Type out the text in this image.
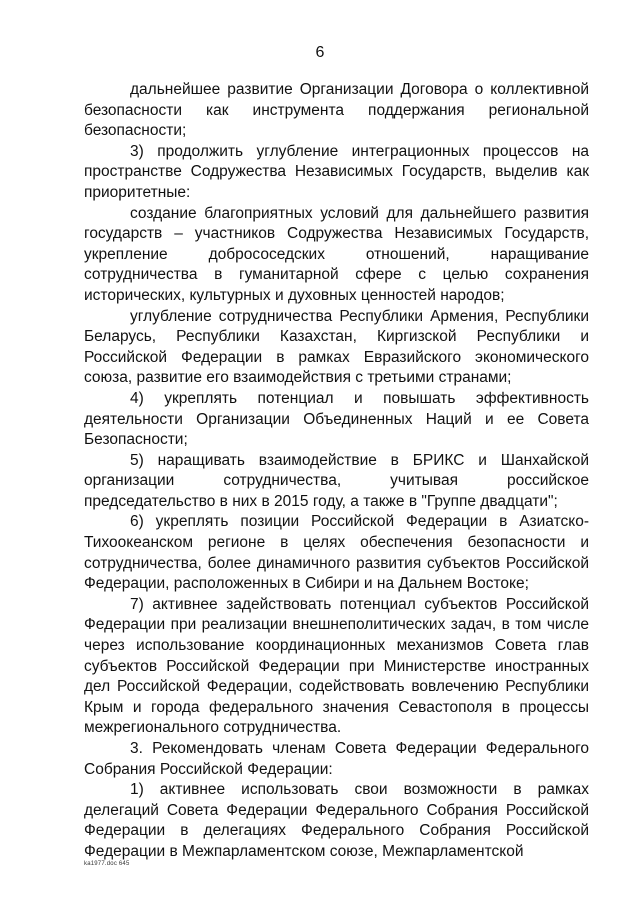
6

дальнейшее развитие Организации Договора о коллективной безопасности как инструмента поддержания региональной безопасности;

3) продолжить углубление интеграционных процессов на пространстве Содружества Независимых Государств, выделив как приоритетные:

создание благоприятных условий для дальнейшего развития государств – участников Содружества Независимых Государств, укрепление добрососедских отношений, наращивание сотрудничества в гуманитарной сфере с целью сохранения исторических, культурных и духовных ценностей народов;

углубление сотрудничества Республики Армения, Республики Беларусь, Республики Казахстан, Киргизской Республики и Российской Федерации в рамках Евразийского экономического союза, развитие его взаимодействия с третьими странами;

4) укреплять потенциал и повышать эффективность деятельности Организации Объединенных Наций и ее Совета Безопасности;

5) наращивать взаимодействие в БРИКС и Шанхайской организации сотрудничества, учитывая российское председательство в них в 2015 году, а также в "Группе двадцати";

6) укреплять позиции Российской Федерации в Азиатско-Тихоокеанском регионе в целях обеспечения безопасности и сотрудничества, более динамичного развития субъектов Российской Федерации, расположенных в Сибири и на Дальнем Востоке;

7) активнее задействовать потенциал субъектов Российской Федерации при реализации внешнеполитических задач, в том числе через использование координационных механизмов Совета глав субъектов Российской Федерации при Министерстве иностранных дел Российской Федерации, содействовать вовлечению Республики Крым и города федерального значения Севастополя в процессы межрегионального сотрудничества.

3. Рекомендовать членам Совета Федерации Федерального Собрания Российской Федерации:

1) активнее использовать свои возможности в рамках делегаций Совета Федерации Федерального Собрания Российской Федерации в делегациях Федерального Собрания Российской Федерации в Межпарламентском союзе, Межпарламентской

ka1977.doc 645
